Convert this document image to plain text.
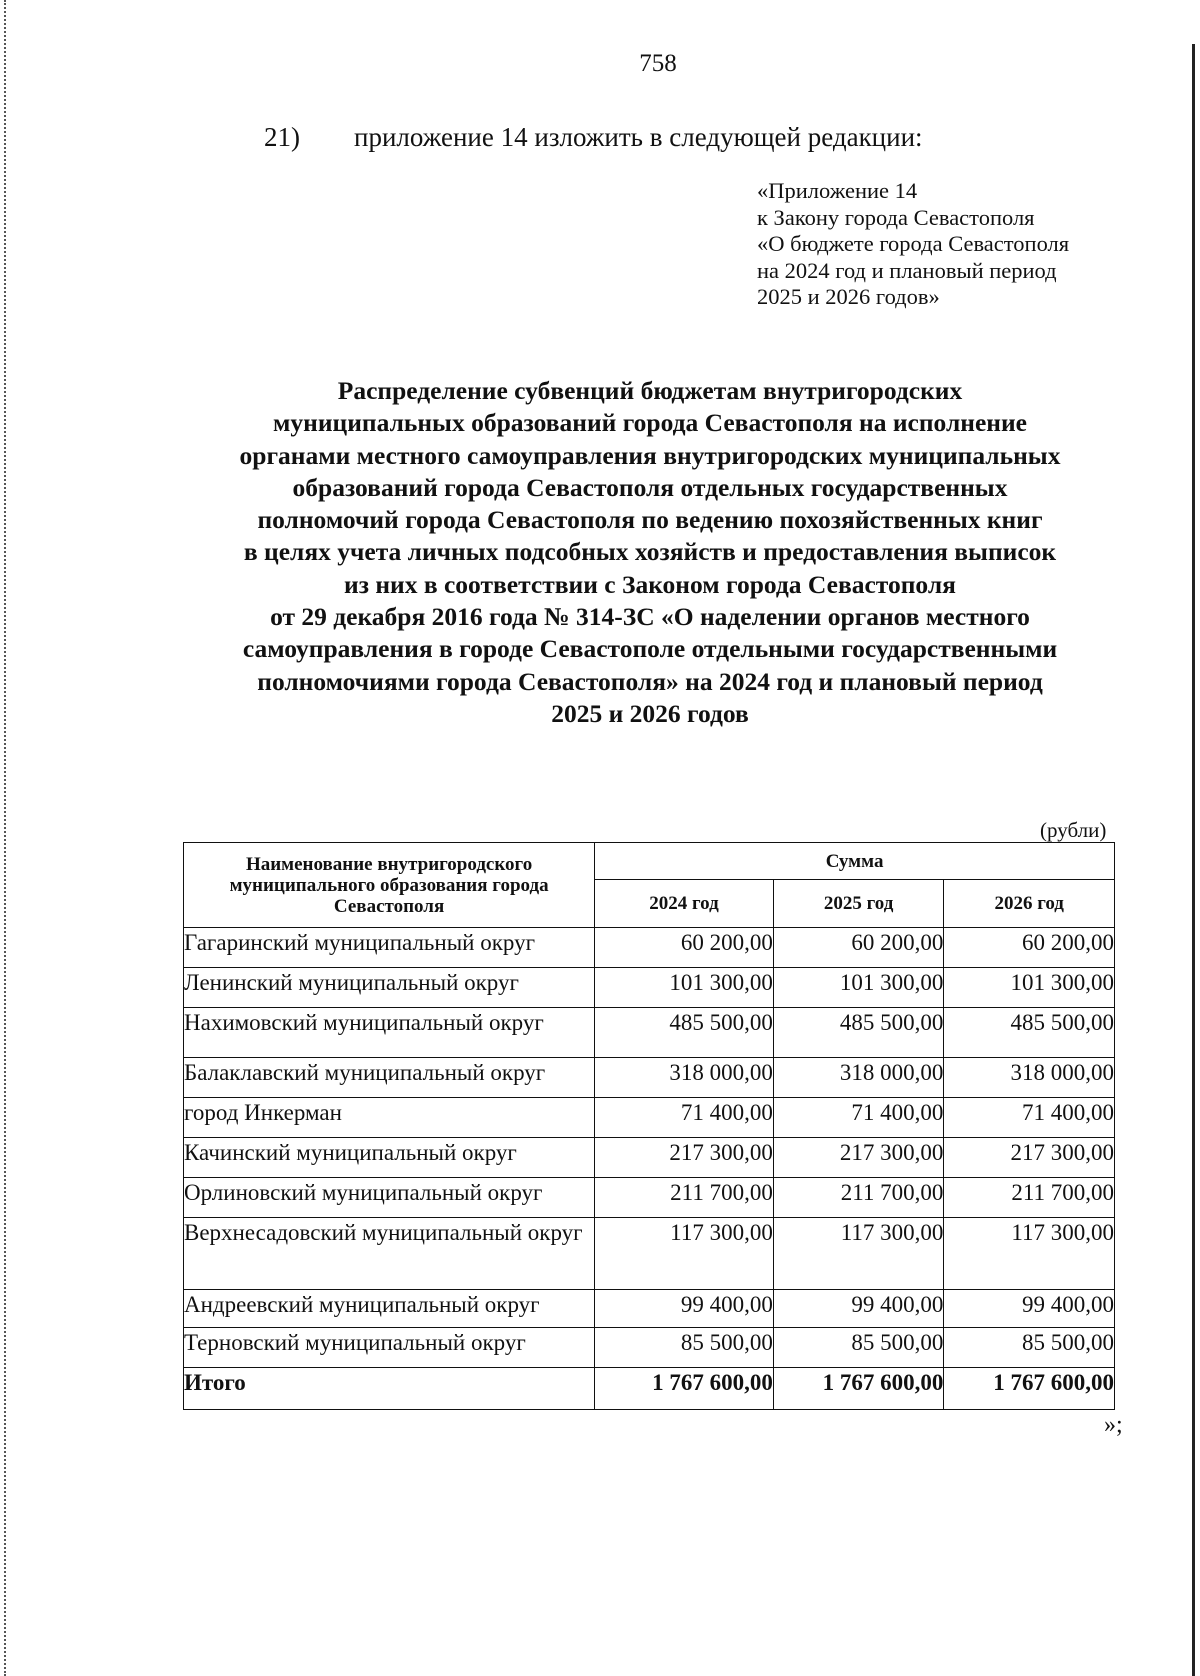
758
21) приложение 14 изложить в следующей редакции:
«Приложение 14
к Закону города Севастополя
«О бюджете города Севастополя
на 2024 год и плановый период
2025 и 2026 годов»
Распределение субвенций бюджетам внутригородских
муниципальных образований города Севастополя на исполнение
органами местного самоуправления внутригородских муниципальных
образований города Севастополя отдельных государственных
полномочий города Севастополя по ведению похозяйственных книг
в целях учета личных подсобных хозяйств и предоставления выписок
из них в соответствии с Законом города Севастополя
от 29 декабря 2016 года № 314-ЗС «О наделении органов местного
самоуправления в городе Севастополе отдельными государственными
полномочиями города Севастополя» на 2024 год и плановый период
2025 и 2026 годов
(рубли)
Наименование внутригородского муниципального образования города Севастополя	Сумма		
	2024 год	2025 год	2026 год
Гагаринский муниципальный округ	60 200,00	60 200,00	60 200,00
Ленинский муниципальный округ	101 300,00	101 300,00	101 300,00
Нахимовский муниципальный округ	485 500,00	485 500,00	485 500,00
Балаклавский муниципальный округ	318 000,00	318 000,00	318 000,00
город Инкерман	71 400,00	71 400,00	71 400,00
Качинский муниципальный округ	217 300,00	217 300,00	217 300,00
Орлиновский муниципальный округ	211 700,00	211 700,00	211 700,00
Верхнесадовский муниципальный округ	117 300,00	117 300,00	117 300,00
Андреевский муниципальный округ	99 400,00	99 400,00	99 400,00
Терновский муниципальный округ	85 500,00	85 500,00	85 500,00
Итого	1 767 600,00	1 767 600,00	1 767 600,00
»;
